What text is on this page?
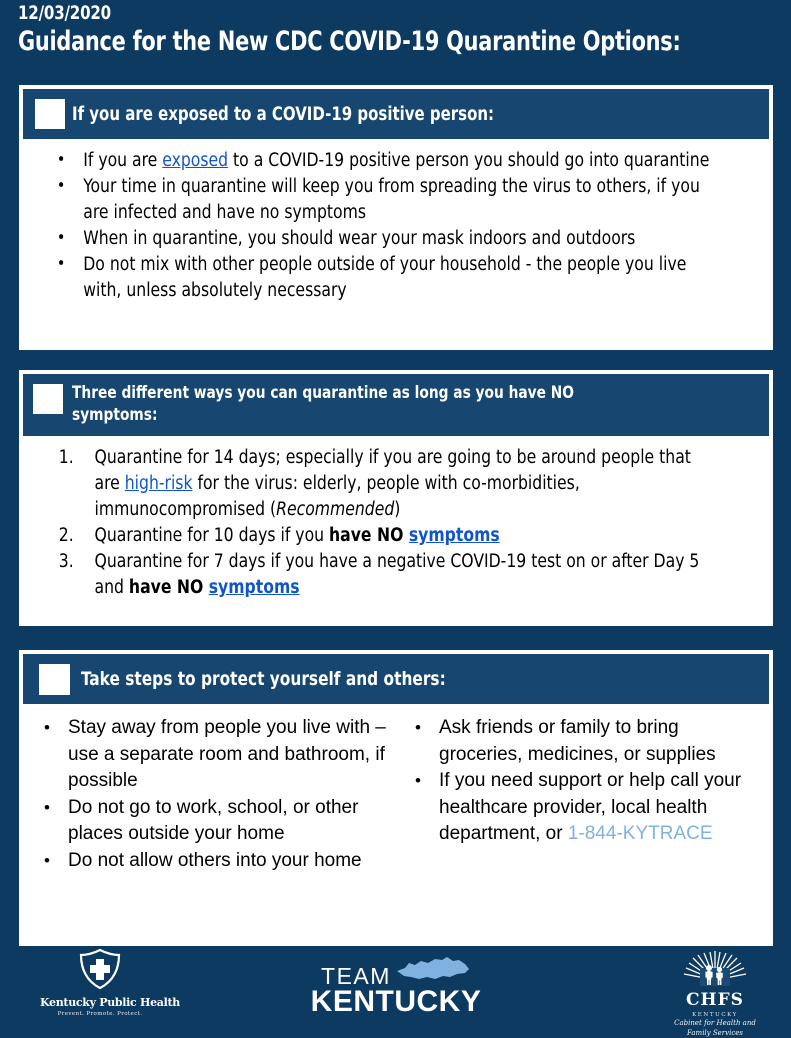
12/03/2020
Guidance for the New CDC COVID-19 Quarantine Options:
If you are exposed to a COVID-19 positive person:
• If you are exposed to a COVID-19 positive person you should go into quarantine
• Your time in quarantine will keep you from spreading the virus to others, if you are infected and have no symptoms
• When in quarantine, you should wear your mask indoors and outdoors
• Do not mix with other people outside of your household - the people you live with, unless absolutely necessary
Three different ways you can quarantine as long as you have NO symptoms:
1.	Quarantine for 14 days; especially if you are going to be around people that are high-risk for the virus: elderly, people with co-morbidities, immunocompromised (Recommended)
2.	Quarantine for 10 days if you have NO symptoms
3.	Quarantine for 7 days if you have a negative COVID-19 test on or after Day 5 and have NO symptoms
Take steps to protect yourself and others:
• Stay away from people you live with – use a separate room and bathroom, if possible
• Do not go to work, school, or other places outside your home
• Do not allow others into your home
• Ask friends or family to bring groceries, medicines, or supplies
• If you need support or help call your healthcare provider, local health department, or 1-844-KYTRACE
Kentucky Public Health
Prevent. Promote. Protect.
TEAM
KENTUCKY	CHFS
KENTUCKY
Cabinet for Health and
Family Services
